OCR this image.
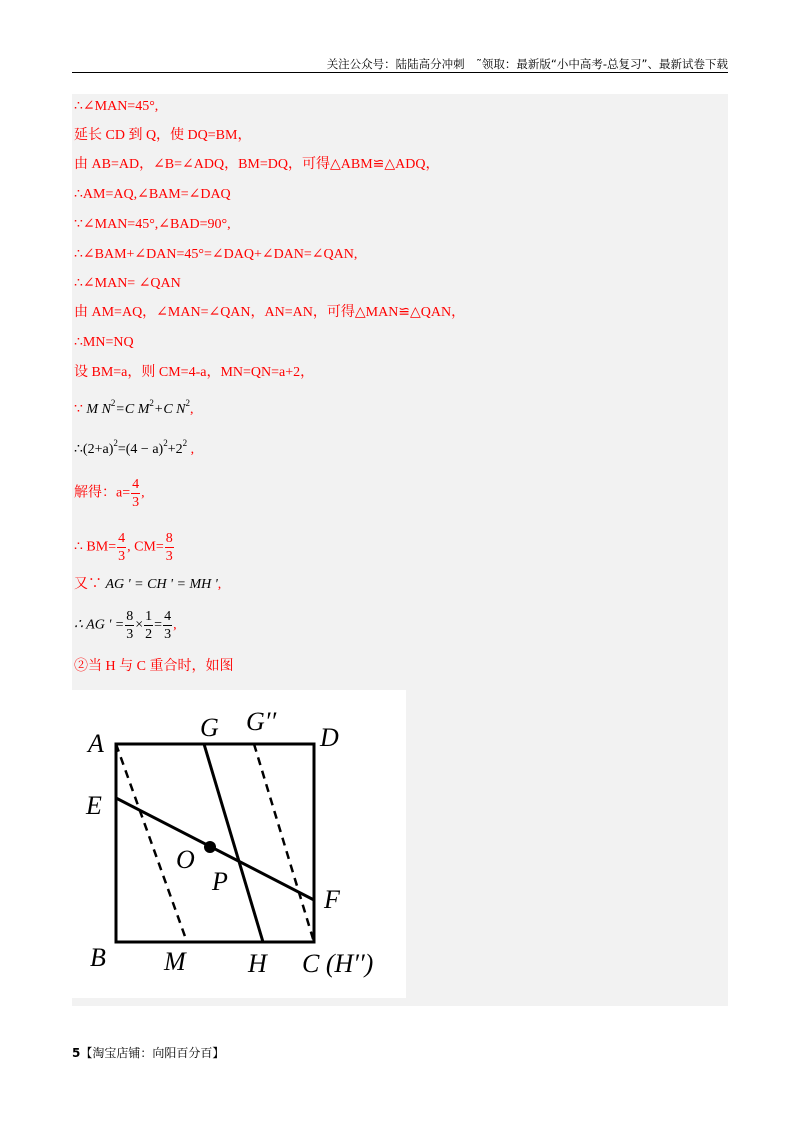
关注公众号：陆陆高分冲刺　˜领取：最新版“小中高考-总复习”、最新试卷下载
∴∠MAN=45°,
延长 CD 到 Q，使 DQ=BM，
由 AB=AD，∠B=∠ADQ，BM=DQ，可得△ABM≌△ADQ，
∴AM=AQ,∠BAM=∠DAQ
∵∠MAN=45°,∠BAD=90°,
∴∠BAM+∠DAN=45°=∠DAQ+∠DAN=∠QAN,
∴∠MAN= ∠QAN
由 AM=AQ，∠MAN=∠QAN，AN=AN，可得△MAN≌△QAN，
∴MN=NQ
设 BM=a，则 CM=4-a，MN=QN=a+2，
∵ M $N^2=C$ $M^2+C$ $N^2$,
$\therefore(2+a)^2=(4 - a)^2+2^2$ ,
解得：$a= \frac{4}{3}$ ,
∴ $BM= \frac{4}{3}$ , $CM= \frac{8}{3}$
又∵ AG ' = CH ' = MH ',
∴ AG ' = $\frac{8}{3} \times \frac{1}{2} = \frac{4}{3}$ ,
②当 H 与 C 重合时，如图
A
G G′′
D
E
O
P
F
B M H C (H′′)
5【淘宝店铺：向阳百分百】
